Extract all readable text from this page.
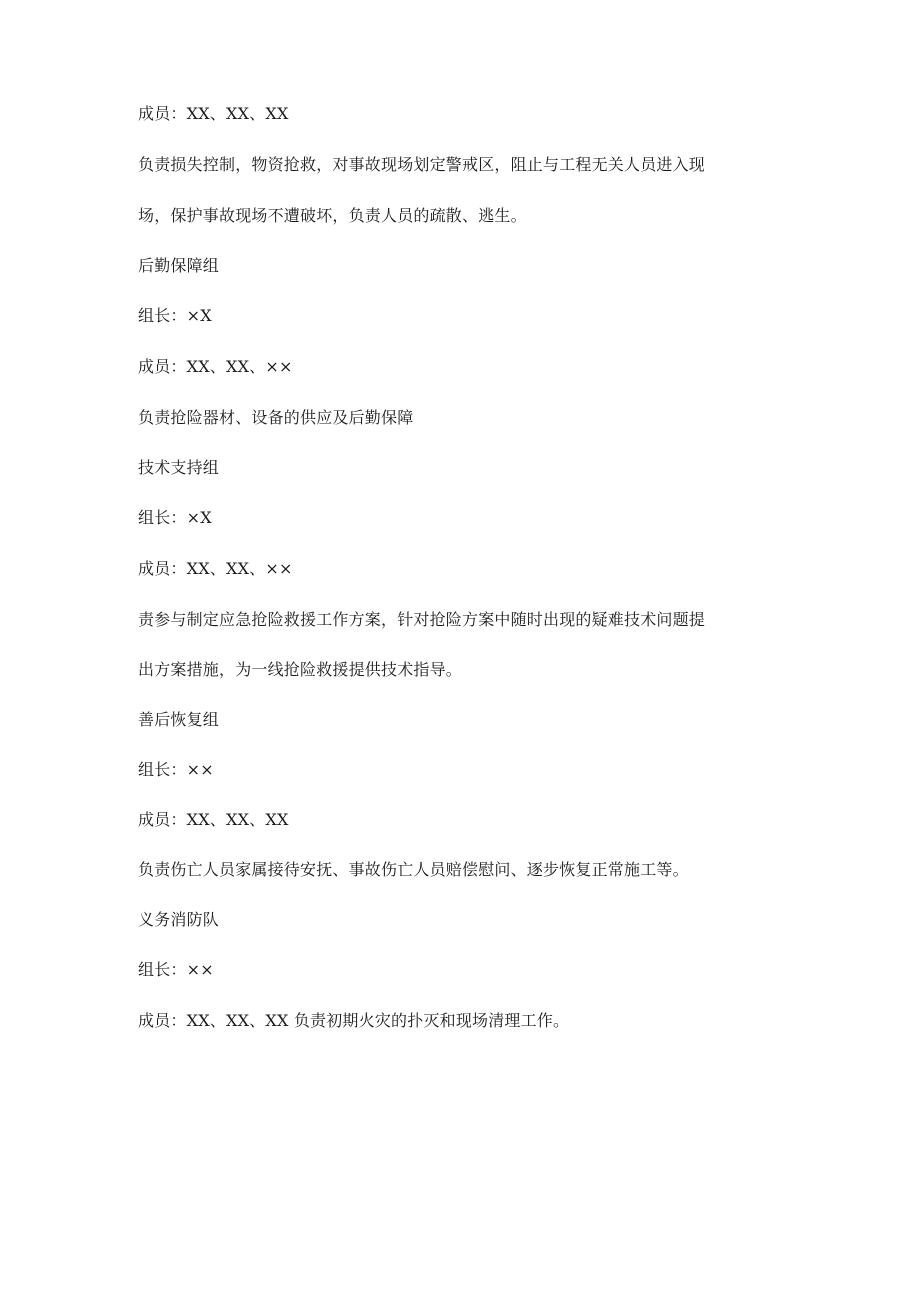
成员：XX、XX、XX
负责损失控制，物资抢救，对事故现场划定警戒区，阻止与工程无关人员进入现
场，保护事故现场不遭破坏，负责人员的疏散、逃生。
后勤保障组
组长：×X
成员：XX、XX、××
负责抢险器材、设备的供应及后勤保障
技术支持组
组长：×X
成员：XX、XX、××
责参与制定应急抢险救援工作方案，针对抢险方案中随时出现的疑难技术问题提
出方案措施，为一线抢险救援提供技术指导。
善后恢复组
组长：××
成员：XX、XX、XX
负责伤亡人员家属接待安抚、事故伤亡人员赔偿慰问、逐步恢复正常施工等。
义务消防队
组长：××
成员：XX、XX、XX 负责初期火灾的扑灭和现场清理工作。
